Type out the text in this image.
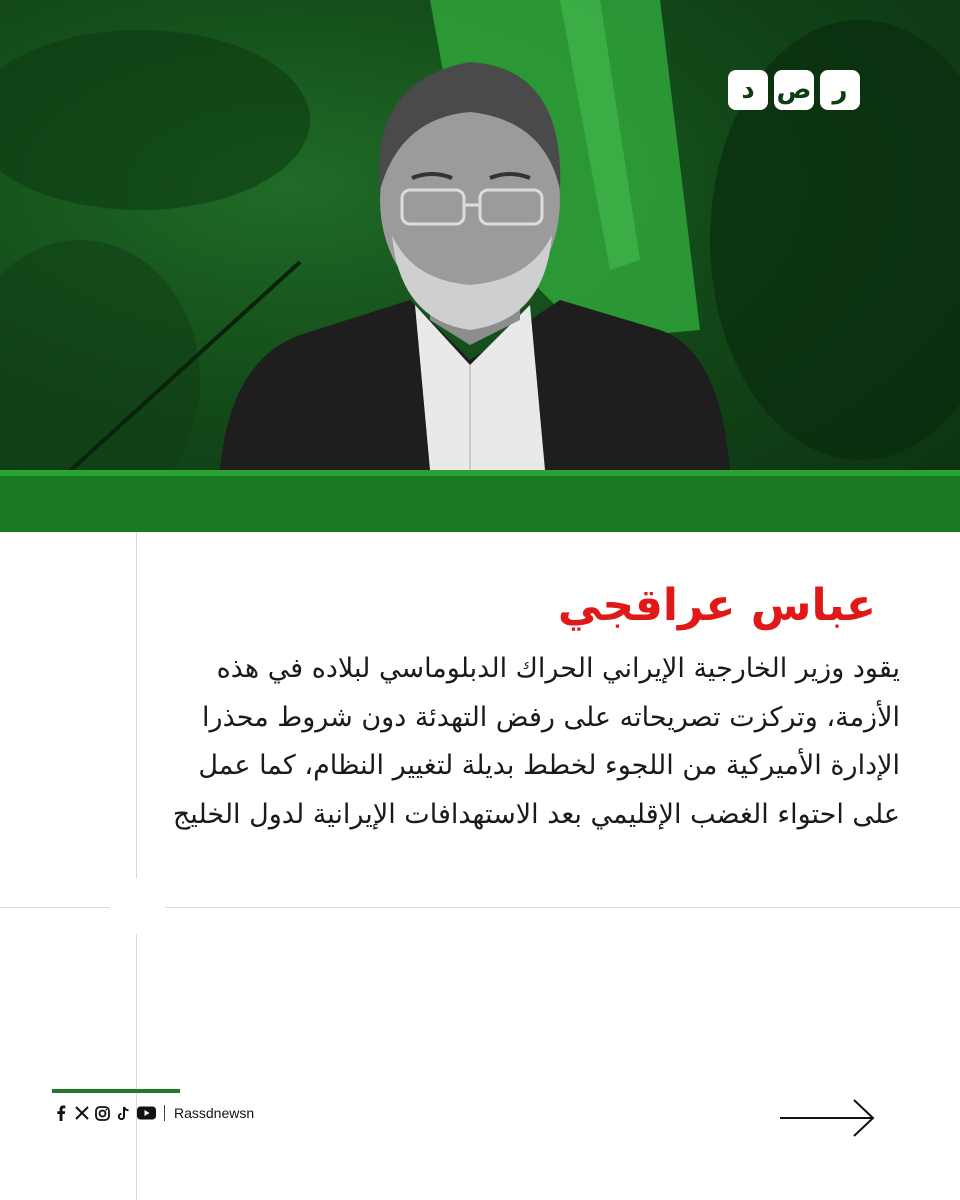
ر
ص
د
عباس عراقجي
يقود وزير الخارجية الإيراني الحراك الدبلوماسي لبلاده في هذه الأزمة، وتركزت تصريحاته على رفض التهدئة دون شروط محذرا الإدارة الأميركية من اللجوء لخطط بديلة لتغيير النظام، كما عمل على احتواء الغضب الإقليمي بعد الاستهدافات الإيرانية لدول الخليج
Rassdnewsn
